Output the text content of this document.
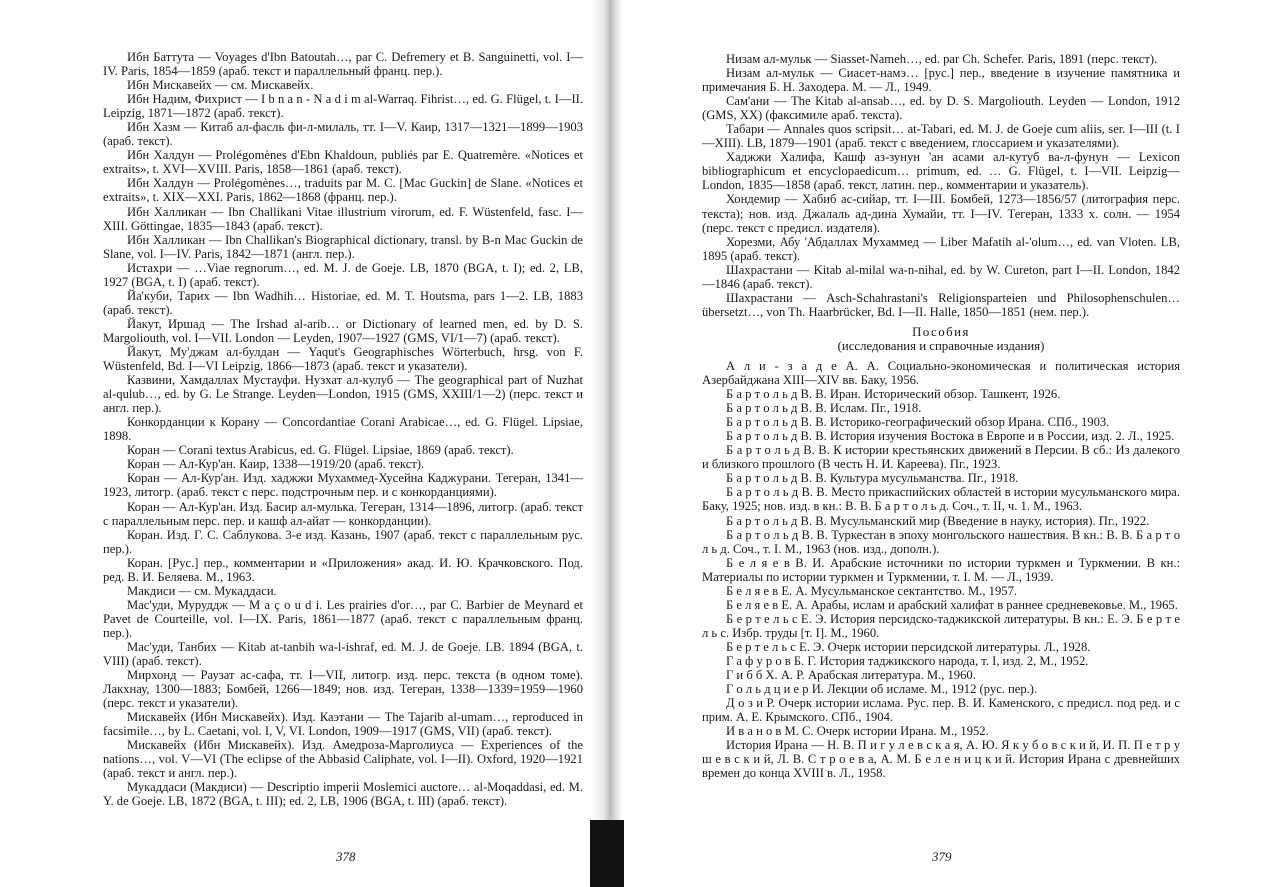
Ибн Баттута — Voyages d'Ibn Batoutah…, par C. Defremery et B. Sanguinetti, vol. I—IV. Paris, 1854—1859 (араб. текст и параллельный франц. пер.).

Ибн Мискавейх — см. Мискавейх.

Ибн Надим, Фихрист — I b n a n - N a d i m al-Warraq. Fihrist…, ed. G. Flügel, t. I—II. Leipzig, 1871—1872 (араб. текст).

Ибн Хазм — Китаб ал-фасль фи-л-милаль, тт. I—V. Каир, 1317—1321—1899—1903 (араб. текст).

Ибн Халдун — Prolégomènes d'Ebn Khaldoun, publiés par E. Quatremère. «Notices et extraits», t. XVI—XVIII. Paris, 1858—1861 (араб. текст).

Ибн Халдун — Prolégomènes…, traduits par M. C. [Mac Guckin] de Slane. «Notices et extraits», t. XIX—XXI. Paris, 1862—1868 (франц. пер.).

Ибн Халликан — Ibn Challikani Vitae illustrium virorum, ed. F. Wüstenfeld, fasc. I—XIII. Göttingae, 1835—1843 (араб. текст).

Ибн Халликан — Ibn Challikan's Biographical dictionary, transl. by B-n Mac Guckin de Slane, vol. I—IV. Paris, 1842—1871 (англ. пер.).

Истахри — …Viae regnorum…, ed. M. J. de Goeje. LB, 1870 (BGA, t. I); ed. 2, LB, 1927 (BGA, t. I) (араб. текст).

Йа'куби, Тарих — Ibn Wadhih… Historiae, ed. M. T. Houtsma, pars 1—2. LB, 1883 (араб. текст).

Йакут, Иршад — The Irshad al-arib… or Dictionary of learned men, ed. by D. S. Margoliouth, vol. I—VII. London — Leyden, 1907—1927 (GMS, VI/1—7) (араб. текст).

Йакут, Му'джам ал-булдан — Yaqut's Geographisches Wörterbuch, hrsg. von F. Wüstenfeld, Bd. I—VI Leipzig, 1866—1873 (араб. текст и указатели).

Казвини, Хамдаллах Мустауфи. Нузхат ал-кулуб — The geographical part of Nuzhat al-qulub…, ed. by G. Le Strange. Leyden—London, 1915 (GMS, XXIII/1—2) (перс. текст и англ. пер.).

Конкорданции к Корану — Concordantiae Corani Arabicae…, ed. G. Flügel. Lipsiae, 1898.

Коран — Corani textus Arabicus, ed. G. Flügel. Lipsiae, 1869 (араб. текст).

Коран — Ал-Кур'ан. Каир, 1338—1919/20 (араб. текст).

Коран — Ал-Кур'ан. Изд. хаджжи Мухаммед-Хусейна Каджурани. Тегеран, 1341—1923, литогр. (араб. текст с перс. подстрочным пер. и с конкорданциями).

Коран — Ал-Кур'ан. Изд. Басир ал-мулька. Тегеран, 1314—1896, литогр. (араб. текст с параллельным перс. пер. и кашф ал-айат — конкорданции).

Коран. Изд. Г. С. Саблукова. 3-е изд. Казань, 1907 (араб. текст с параллельным рус. пер.).

Коран. [Рус.] пер., комментарии и «Приложения» акад. И. Ю. Крачковского. Под. ред. В. И. Беляева. М., 1963.

Макдиси — см. Мукаддаси.

Мас'уди, Муруддж — M a ç o u d i. Les prairies d'or…, par C. Barbier de Meynard et Pavet de Courteille, vol. I—IX. Paris, 1861—1877 (араб. текст с параллельным франц. пер.).

Мас'уди, Танбих — Kitab at-tanbih wa-l-ishraf, ed. M. J. de Goeje. LB. 1894 (BGA, t. VIII) (араб. текст).

Мирхонд — Раузат ас-сафа, тт. I—VII, литогр. изд. перс. текста (в одном томе). Лакхнау, 1300—1883; Бомбей, 1266—1849; нов. изд. Тегеран, 1338—1339=1959—1960 (перс. текст и указатели).

Мискавейх (Ибн Мискавейх). Изд. Каэтани — The Tajarib al-umam…, reproduced in facsimile…, by L. Caetani, vol. I, V, VI. London, 1909—1917 (GMS, VII) (араб. текст).

Мискавейх (Ибн Мискавейх). Изд. Амедроза-Марголиуса — Experiences of the nations…, vol. V—VI (The eclipse of the Abbasid Caliphate, vol. I—II). Oxford, 1920—1921 (араб. текст и англ. пер.).

Мукаддаси (Макдиси) — Descriptio imperii Moslemici auctore… al-Moqaddasi, ed. M. Y. de Goeje. LB, 1872 (BGA, t. III); ed. 2, LB, 1906 (BGA, t. III) (араб. текст).

378

Низам ал-мульк — Siasset-Nameh…, ed. par Ch. Schefer. Paris, 1891 (перс. текст).

Низам ал-мульк — Сиасет-намэ… [рус.] пер., введение в изучение памятника и примечания Б. Н. Заходера. М. — Л., 1949.

Сам'ани — The Kitab al-ansab…, ed. by D. S. Margoliouth. Leyden — London, 1912 (GMS, XX) (факсимиле араб. текста).

Табари — Annales quos scripsit… at-Tabari, ed. M. J. de Goeje cum aliis, ser. I—III (t. I—XIII). LB, 1879—1901 (араб. текст с введением, глоссарием и указателями).

Хаджжи Халифа, Кашф аз-зунун 'ан асами ал-кутуб ва-л-фунун — Lexicon bibliographicum et encyclopaedicum… primum, ed. … G. Flügel, t. I—VII. Leipzig—London, 1835—1858 (араб. текст, латин. пер., комментарии и указатель).

Хондемир — Хабиб ас-сийар, тт. I—III. Бомбей, 1273—1856/57 (литография перс. текста); нов. изд. Джалаль ад-дина Хумайи, тт. I—IV. Тегеран, 1333 х. солн. — 1954 (перс. текст с предисл. издателя).

Хорезми, Абу 'Абдаллах Мухаммед — Liber Mafatih al-'olum…, ed. van Vloten. LB, 1895 (араб. текст).

Шахрастани — Kitab al-milal wa-n-nihal, ed. by W. Cureton, part I—II. London, 1842—1846 (араб. текст).

Шахрастани — Asch-Schahrastani's Religionsparteien und Philosophenschulen… übersetzt…, von Th. Haarbrücker, Bd. I—II. Halle, 1850—1851 (нем. пер.).

Пособия

(исследования и справочные издания)

А л и - з а д е А. А. Социально-экономическая и политическая история Азербайджана XIII—XIV вв. Баку, 1956.

Б а р т о л ь д В. В. Иран. Исторический обзор. Ташкент, 1926.

Б а р т о л ь д В. В. Ислам. Пг., 1918.

Б а р т о л ь д В. В. Историко-географический обзор Ирана. СПб., 1903.

Б а р т о л ь д В. В. История изучения Востока в Европе и в России, изд. 2. Л., 1925.

Б а р т о л ь д В. В. К истории крестьянских движений в Персии. В сб.: Из далекого и близкого прошлого (В честь Н. И. Кареева). Пг., 1923.

Б а р т о л ь д В. В. Культура мусульманства. Пг., 1918.

Б а р т о л ь д В. В. Место прикаспийских областей в истории мусульманского мира. Баку, 1925; нов. изд. в кн.: В. В. Б а р т о л ь д. Соч., т. II, ч. 1. М., 1963.

Б а р т о л ь д В. В. Мусульманский мир (Введение в науку, история). Пг., 1922.

Б а р т о л ь д В. В. Туркестан в эпоху монгольского нашествия. В кн.: В. В. Б а р т о л ь д. Соч., т. I. М., 1963 (нов. изд., дополн.).

Б е л я е в В. И. Арабские источники по истории туркмен и Туркмении. В кн.: Материалы по истории туркмен и Туркмении, т. I. М. — Л., 1939.

Б е л я е в Е. А. Мусульманское сектантство. М., 1957.

Б е л я е в Е. А. Арабы, ислам и арабский халифат в раннее средневековье. М., 1965.

Б е р т е л ь с Е. Э. История персидско-таджикской литературы. В кн.: Е. Э. Б е р т е л ь с. Избр. труды [т. I]. М., 1960.

Б е р т е л ь с Е. Э. Очерк истории персидской литературы. Л., 1928.

Г а ф у р о в Б. Г. История таджикского народа, т. I, изд. 2, М., 1952.

Г и б б Х. А. Р. Арабская литература. М., 1960.

Г о л ь д ц и е р И. Лекции об исламе. М., 1912 (рус. пер.).

Д о з и Р. Очерк истории ислама. Рус. пер. В. И. Каменского, с предисл. под ред. и с прим. А. Е. Крымского. СПб., 1904.

И в а н о в М. С. Очерк истории Ирана. М., 1952.

История Ирана — Н. В. П и г у л е в с к а я, А. Ю. Я к у б о в с к и й, И. П. П е т р у ш е в с к и й, Л. В. С т р о е в а, А. М. Б е л е н и ц к и й. История Ирана с древнейших времен до конца XVIII в. Л., 1958.

379
